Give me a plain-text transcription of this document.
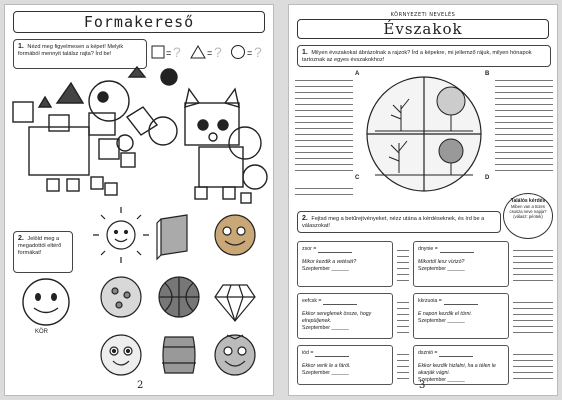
Formakereső
1. Nézd meg figyelmesen a képet! Melyik formából mennyit találsz rajta? Írd be!	= ?	= ?	= ?
2. Jelöld meg a megadottól eltérő formákat!
KÖR
2
KÖRNYEZETI NEVELÉS
Évszakok
1. Milyen évszakokat ábrázolnak a rajzok? Írd a képekre, mi jellemző rájuk, milyen hónapok tartoznak az egyes évszakokhoz!
A	B
C	D
2. Fejtsd meg a betűrejtvényeket, nézz utána a kérdéseknek, és írd be a válaszokat!
Találós kérdés
Miben van a tüzes csusza neve napja?
(válasz: péntek)
zsor =
Mikor kezdik a vetését?
Szeptember ______
dnynie =
Mikortól lesz vízizó?
Szeptember ______
eefcsk =
Ekkor sereglenek össze, hogy elrepüljenek.
Szeptember ______
kkrzuoia =
E napon kezdik el törni.
Szeptember ______
iód =
Ekkor verik le a fáról.
Szeptember ______
dszniö =
Ekkor kezdik hizlalni, ha a télen le akarják vágni.
Szeptember ______
3
